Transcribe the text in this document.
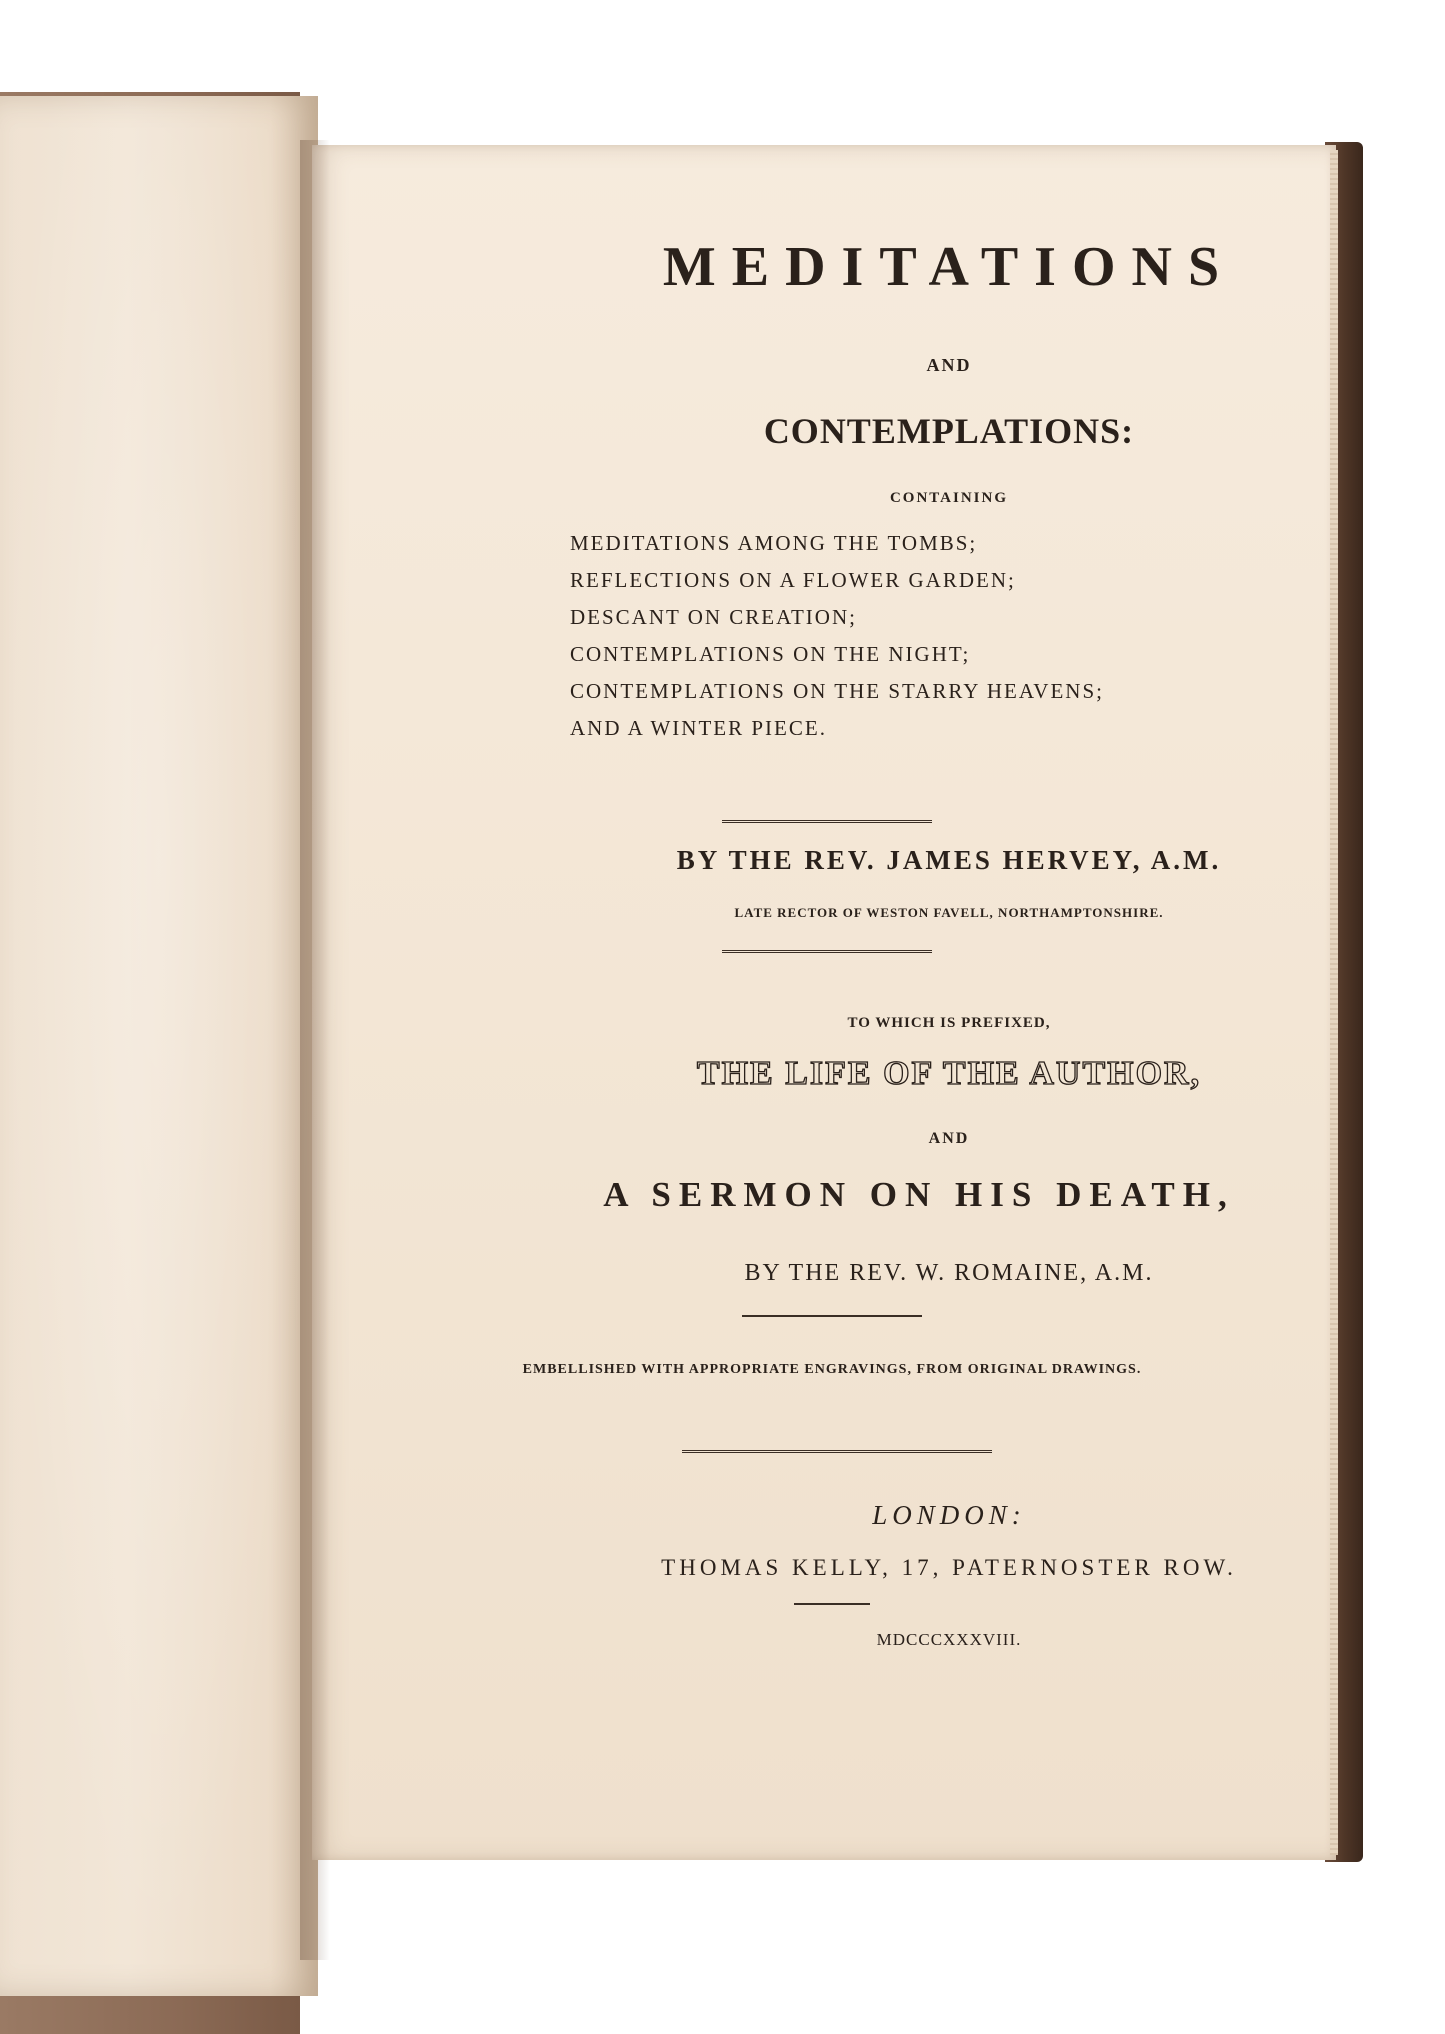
MEDITATIONS
AND
CONTEMPLATIONS:
CONTAINING
MEDITATIONS AMONG THE TOMBS;
REFLECTIONS ON A FLOWER GARDEN;
DESCANT ON CREATION;
CONTEMPLATIONS ON THE NIGHT;
CONTEMPLATIONS ON THE STARRY HEAVENS;
AND A WINTER PIECE.
BY THE REV. JAMES HERVEY, A.M.
LATE RECTOR OF WESTON FAVELL, NORTHAMPTONSHIRE.
TO WHICH IS PREFIXED,
THE LIFE OF THE AUTHOR,
AND
A SERMON ON HIS DEATH,
BY THE REV. W. ROMAINE, A.M.
EMBELLISHED WITH APPROPRIATE ENGRAVINGS, FROM ORIGINAL DRAWINGS.
LONDON:
THOMAS KELLY, 17, PATERNOSTER ROW.
MDCCCXXXVIII.
